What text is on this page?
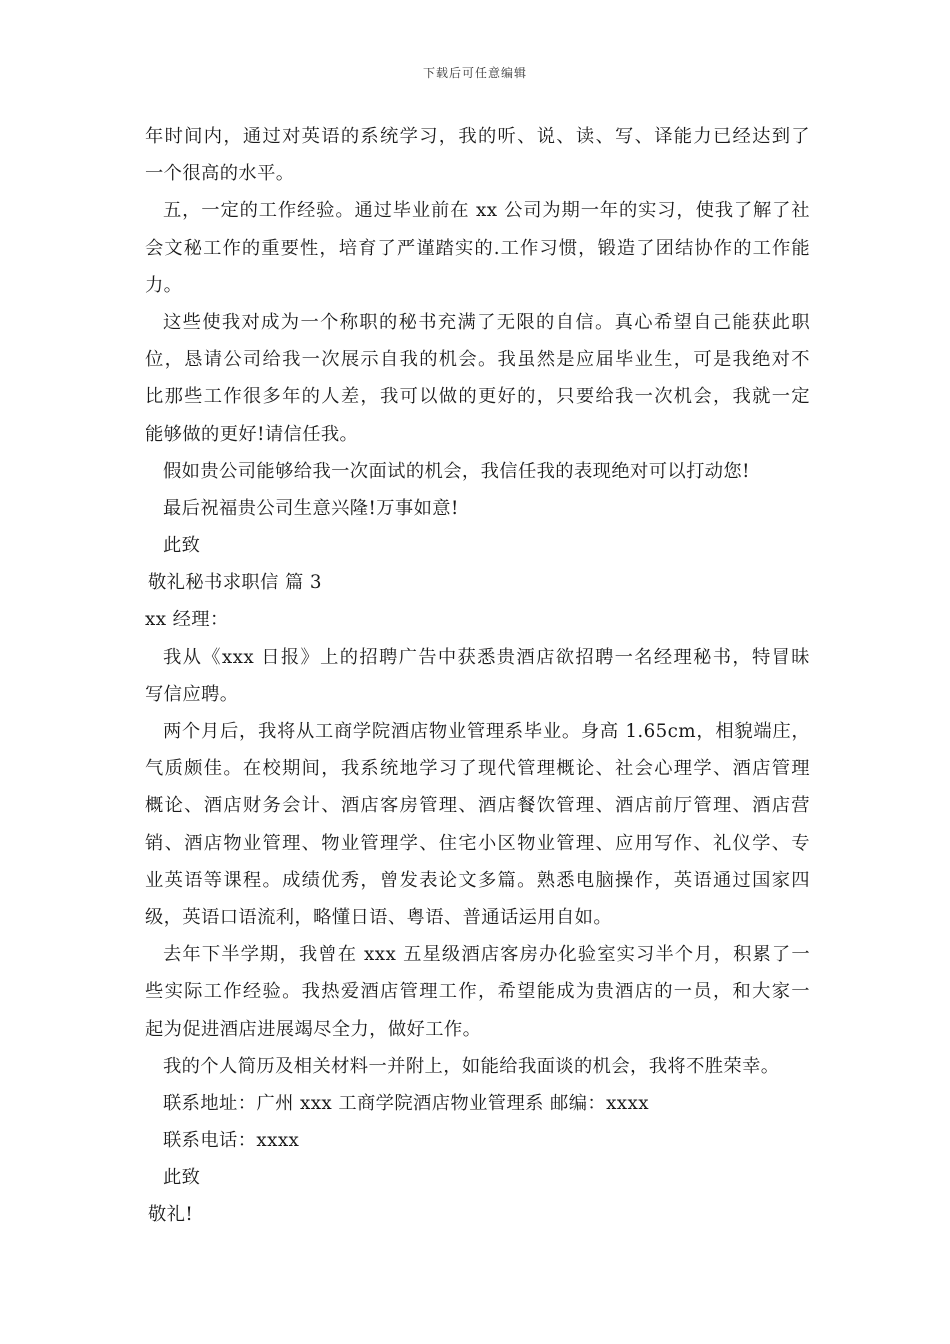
下载后可任意编辑
年时间内，通过对英语的系统学习，我的听、说、读、写、译能力已经达到了
一个很高的水平。
五，一定的工作经验。通过毕业前在 xx 公司为期一年的实习，使我了解了社
会文秘工作的重要性，培育了严谨踏实的.工作习惯，锻造了团结协作的工作能
力。
这些使我对成为一个称职的秘书充满了无限的自信。真心希望自己能获此职
位，恳请公司给我一次展示自我的机会。我虽然是应届毕业生，可是我绝对不
比那些工作很多年的人差，我可以做的更好的，只要给我一次机会，我就一定
能够做的更好!请信任我。
假如贵公司能够给我一次面试的机会，我信任我的表现绝对可以打动您!
最后祝福贵公司生意兴隆!万事如意!
此致
敬礼秘书求职信 篇 3
xx 经理：
我从《xxx 日报》上的招聘广告中获悉贵酒店欲招聘一名经理秘书，特冒昧
写信应聘。
两个月后，我将从工商学院酒店物业管理系毕业。身高 1.65cm，相貌端庄，
气质颇佳。在校期间，我系统地学习了现代管理概论、社会心理学、酒店管理
概论、酒店财务会计、酒店客房管理、酒店餐饮管理、酒店前厅管理、酒店营
销、酒店物业管理、物业管理学、住宅小区物业管理、应用写作、礼仪学、专
业英语等课程。成绩优秀，曾发表论文多篇。熟悉电脑操作，英语通过国家四
级，英语口语流利，略懂日语、粤语、普通话运用自如。
去年下半学期，我曾在 xxx 五星级酒店客房办化验室实习半个月，积累了一
些实际工作经验。我热爱酒店管理工作，希望能成为贵酒店的一员，和大家一
起为促进酒店进展竭尽全力，做好工作。
我的个人简历及相关材料一并附上，如能给我面谈的机会，我将不胜荣幸。
联系地址：广州 xxx 工商学院酒店物业管理系 邮编：xxxx
联系电话：xxxx
此致
敬礼!
